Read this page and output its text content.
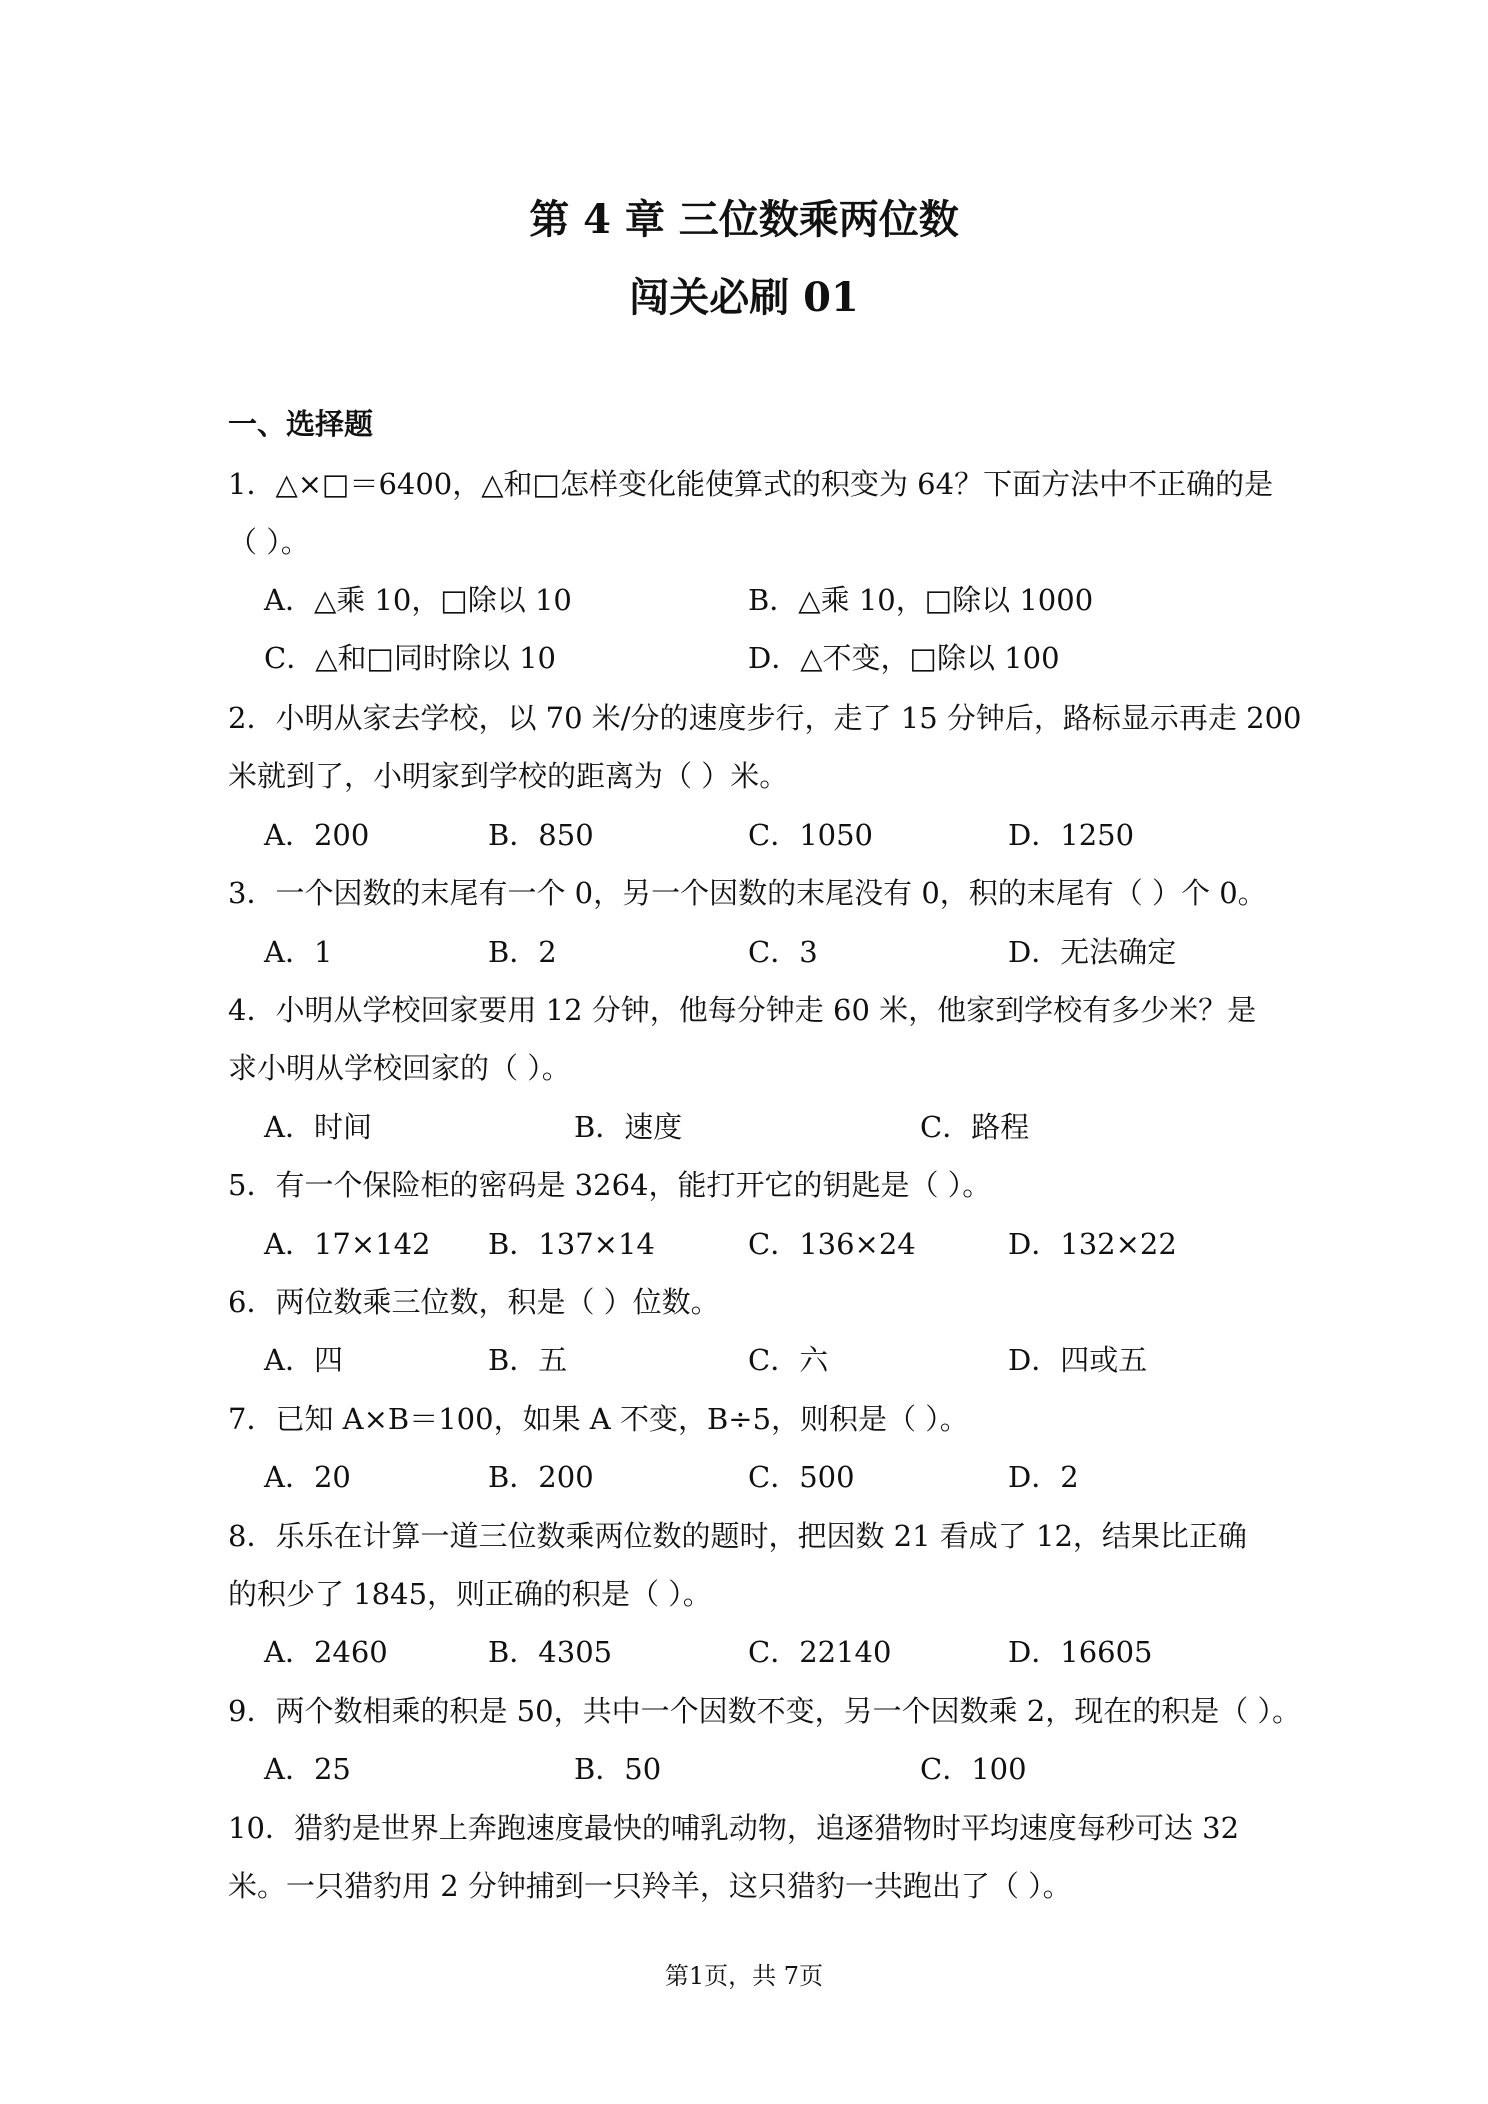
第 4 章 三位数乘两位数
闯关必刷 01
一、选择题
1．△×□＝6400，△和□怎样变化能使算式的积变为 64？下面方法中不正确的是
（ ）。
A．△乘 10，□除以 10	B．△乘 10，□除以 1000
C．△和□同时除以 10	D．△不变，□除以 100
2．小明从家去学校，以 70 米/分的速度步行，走了 15 分钟后，路标显示再走 200
米就到了，小明家到学校的距离为（ ）米。
A．200	B．850	C．1050	D．1250
3．一个因数的末尾有一个 0，另一个因数的末尾没有 0，积的末尾有（ ）个 0。
A．1	B．2	C．3	D．无法确定
4．小明从学校回家要用 12 分钟，他每分钟走 60 米，他家到学校有多少米？是
求小明从学校回家的（ ）。
A．时间	B．速度	C．路程
5．有一个保险柜的密码是 3264，能打开它的钥匙是（ ）。
A．17×142 B．137×14	C．136×24	D．132×22
6．两位数乘三位数，积是（ ）位数。
A．四	B．五	C．六	D．四或五
7．已知 A×B＝100，如果 A 不变，B÷5，则积是（ ）。
A．20	B．200	C．500	D．2
8．乐乐在计算一道三位数乘两位数的题时，把因数 21 看成了 12，结果比正确
的积少了 1845，则正确的积是（ ）。
A．2460	B．4305	C．22140	D．16605
9．两个数相乘的积是 50，共中一个因数不变，另一个因数乘 2，现在的积是（ ）。
A．25	B．50	C．100
10．猎豹是世界上奔跑速度最快的哺乳动物，追逐猎物时平均速度每秒可达 32
米。一只猎豹用 2 分钟捕到一只羚羊，这只猎豹一共跑出了（ ）。
第1页，共 7页
